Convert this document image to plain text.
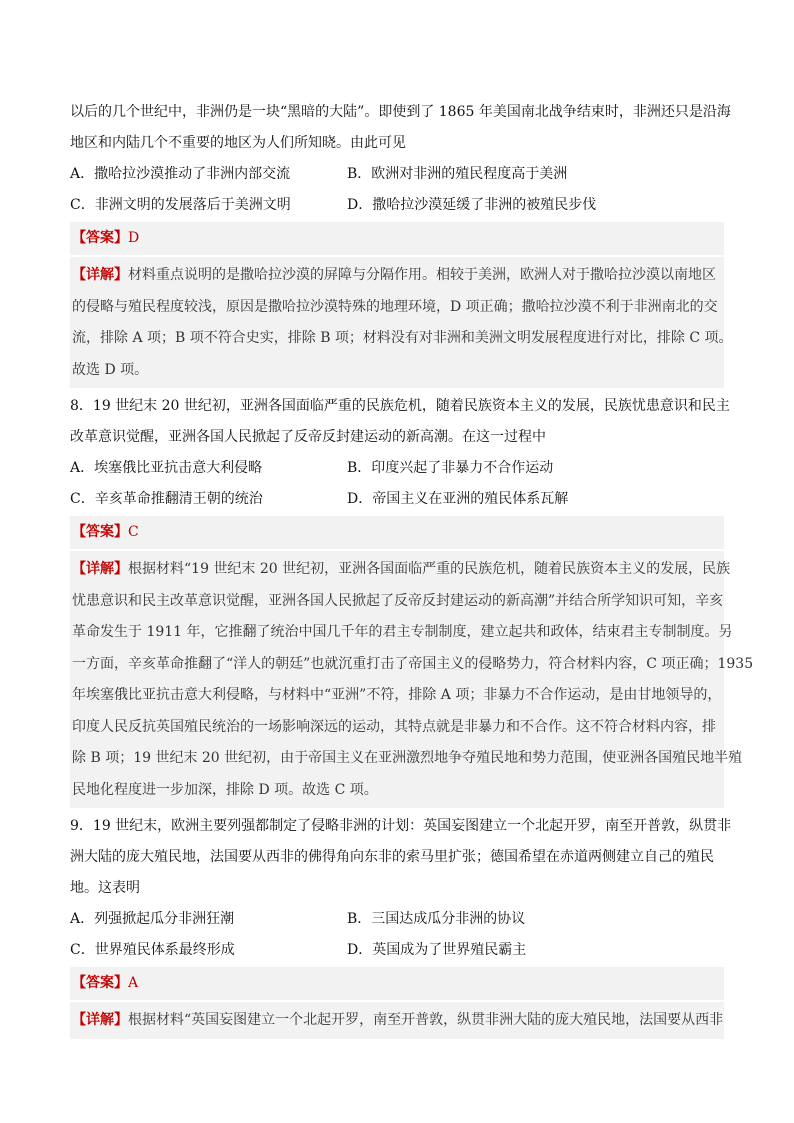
以后的几个世纪中，非洲仍是一块“黑暗的大陆”。即使到了 1865 年美国南北战争结束时，非洲还只是沿海
地区和内陆几个不重要的地区为人们所知晓。由此可见
A．撒哈拉沙漠推动了非洲内部交流	B．欧洲对非洲的殖民程度高于美洲
C．非洲文明的发展落后于美洲文明	D．撒哈拉沙漠延缓了非洲的被殖民步伐
【答案】D
【详解】材料重点说明的是撒哈拉沙漠的屏障与分隔作用。相较于美洲，欧洲人对于撒哈拉沙漠以南地区
的侵略与殖民程度较浅，原因是撒哈拉沙漠特殊的地理环境，D 项正确；撒哈拉沙漠不利于非洲南北的交
流，排除 A 项；B 项不符合史实，排除 B 项；材料没有对非洲和美洲文明发展程度进行对比，排除 C 项。
故选 D 项。
8．19 世纪末 20 世纪初，亚洲各国面临严重的民族危机，随着民族资本主义的发展，民族忧患意识和民主
改革意识觉醒，亚洲各国人民掀起了反帝反封建运动的新高潮。在这一过程中
A．埃塞俄比亚抗击意大利侵略	B．印度兴起了非暴力不合作运动
C．辛亥革命推翻清王朝的统治	D．帝国主义在亚洲的殖民体系瓦解
【答案】C
【详解】根据材料“19 世纪末 20 世纪初，亚洲各国面临严重的民族危机，随着民族资本主义的发展，民族
忧患意识和民主改革意识觉醒，亚洲各国人民掀起了反帝反封建运动的新高潮”并结合所学知识可知，辛亥
革命发生于 1911 年，它推翻了统治中国几千年的君主专制制度，建立起共和政体，结束君主专制制度。另
一方面，辛亥革命推翻了“洋人的朝廷”也就沉重打击了帝国主义的侵略势力，符合材料内容，C 项正确；1935
年埃塞俄比亚抗击意大利侵略，与材料中“亚洲”不符，排除 A 项；非暴力不合作运动，是由甘地领导的，
印度人民反抗英国殖民统治的一场影响深远的运动，其特点就是非暴力和不合作。这不符合材料内容，排
除 B 项；19 世纪末 20 世纪初，由于帝国主义在亚洲激烈地争夺殖民地和势力范围，使亚洲各国殖民地半殖
民地化程度进一步加深，排除 D 项。故选 C 项。
9．19 世纪末，欧洲主要列强都制定了侵略非洲的计划：英国妄图建立一个北起开罗，南至开普敦，纵贯非
洲大陆的庞大殖民地，法国要从西非的佛得角向东非的索马里扩张；德国希望在赤道两侧建立自己的殖民
地。这表明
A．列强掀起瓜分非洲狂潮	B．三国达成瓜分非洲的协议
C．世界殖民体系最终形成	D．英国成为了世界殖民霸主
【答案】A
【详解】根据材料“英国妄图建立一个北起开罗，南至开普敦，纵贯非洲大陆的庞大殖民地，法国要从西非
